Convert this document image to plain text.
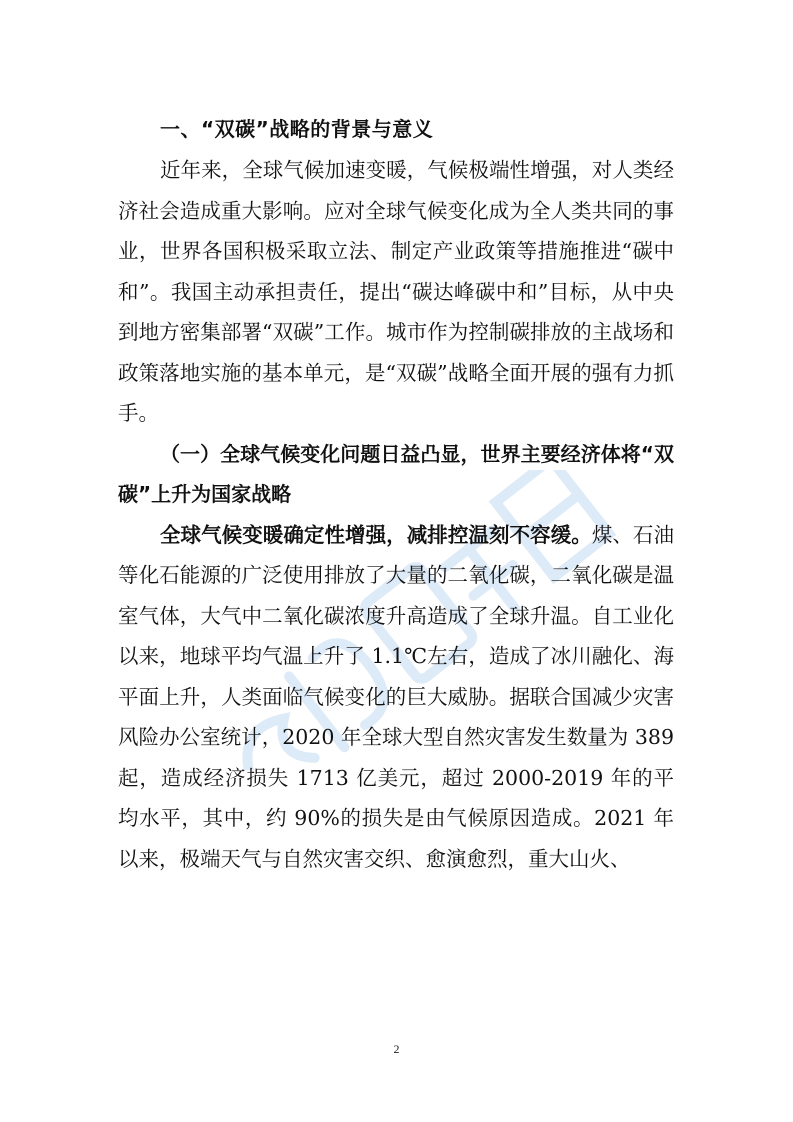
一、“双碳”战略的背景与意义

近年来，全球气候加速变暖，气候极端性增强，对人类经济社会造成重大影响。应对全球气候变化成为全人类共同的事业，世界各国积极采取立法、制定产业政策等措施推进“碳中和”。我国主动承担责任，提出“碳达峰碳中和”目标，从中央到地方密集部署“双碳”工作。城市作为控制碳排放的主战场和政策落地实施的基本单元，是“双碳”战略全面开展的强有力抓手。

（一）全球气候变化问题日益凸显，世界主要经济体将“双碳”上升为国家战略

全球气候变暖确定性增强，减排控温刻不容缓。煤、石油等化石能源的广泛使用排放了大量的二氧化碳，二氧化碳是温室气体，大气中二氧化碳浓度升高造成了全球升温。自工业化以来，地球平均气温上升了 1.1℃左右，造成了冰川融化、海平面上升，人类面临气候变化的巨大威胁。据联合国减少灾害风险办公室统计，2020 年全球大型自然灾害发生数量为 389 起，造成经济损失 1713 亿美元，超过 2000-2019 年的平均水平，其中，约 90%的损失是由气候原因造成。2021 年以来，极端天气与自然灾害交织、愈演愈烈，重大山火、

2
